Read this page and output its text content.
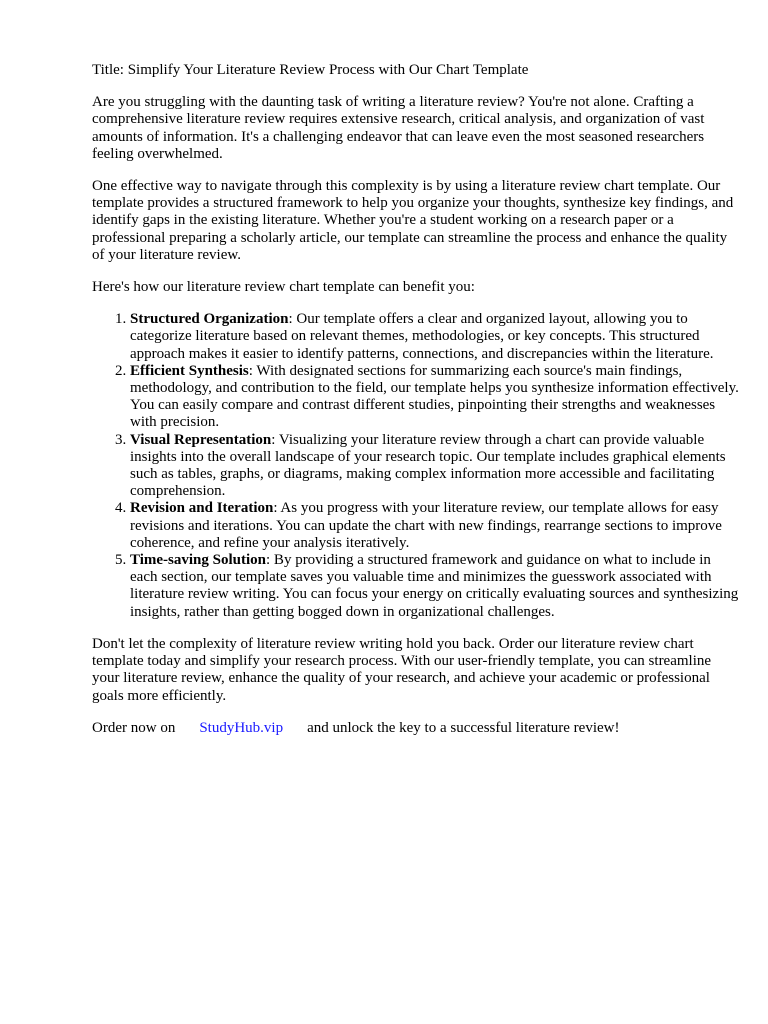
Title: Simplify Your Literature Review Process with Our Chart Template

Are you struggling with the daunting task of writing a literature review? You're not alone. Crafting a comprehensive literature review requires extensive research, critical analysis, and organization of vast amounts of information. It's a challenging endeavor that can leave even the most seasoned researchers feeling overwhelmed.

One effective way to navigate through this complexity is by using a literature review chart template. Our template provides a structured framework to help you organize your thoughts, synthesize key findings, and identify gaps in the existing literature. Whether you're a student working on a research paper or a professional preparing a scholarly article, our template can streamline the process and enhance the quality of your literature review.

Here's how our literature review chart template can benefit you:

1. Structured Organization: Our template offers a clear and organized layout, allowing you to categorize literature based on relevant themes, methodologies, or key concepts. This structured approach makes it easier to identify patterns, connections, and discrepancies within the literature.
2. Efficient Synthesis: With designated sections for summarizing each source's main findings, methodology, and contribution to the field, our template helps you synthesize information effectively. You can easily compare and contrast different studies, pinpointing their strengths and weaknesses with precision.
3. Visual Representation: Visualizing your literature review through a chart can provide valuable insights into the overall landscape of your research topic. Our template includes graphical elements such as tables, graphs, or diagrams, making complex information more accessible and facilitating comprehension.
4. Revision and Iteration: As you progress with your literature review, our template allows for easy revisions and iterations. You can update the chart with new findings, rearrange sections to improve coherence, and refine your analysis iteratively.
5. Time-saving Solution: By providing a structured framework and guidance on what to include in each section, our template saves you valuable time and minimizes the guesswork associated with literature review writing. You can focus your energy on critically evaluating sources and synthesizing insights, rather than getting bogged down in organizational challenges.

Don't let the complexity of literature review writing hold you back. Order our literature review chart template today and simplify your research process. With our user-friendly template, you can streamline your literature review, enhance the quality of your research, and achieve your academic or professional goals more efficiently.

Order now on StudyHub.vip and unlock the key to a successful literature review!
